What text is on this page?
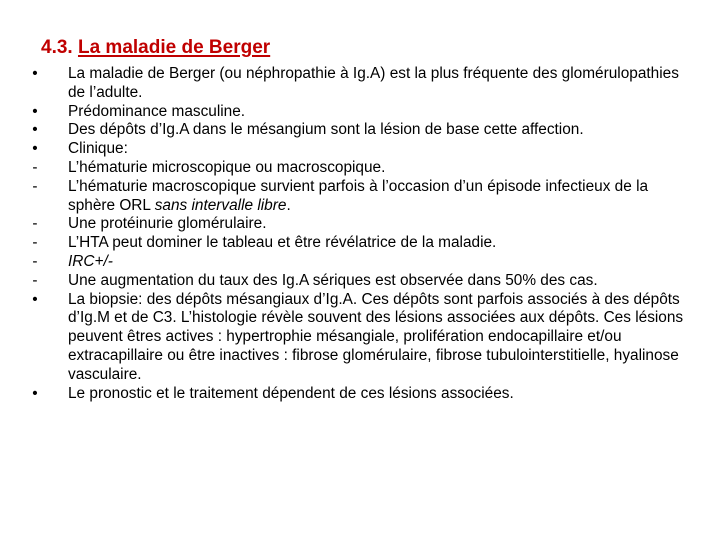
4.3. La maladie de Berger
• La maladie de Berger (ou néphropathie à Ig.A) est la plus fréquente des glomérulopathies de l’adulte.
• Prédominance masculine.
• Des dépôts d’Ig.A dans le mésangium sont la lésion de base cette affection.
• Clinique:
- L’hématurie microscopique ou macroscopique.
- L’hématurie macroscopique survient parfois à l’occasion d’un épisode infectieux de la sphère ORL sans intervalle libre.
- Une protéinurie glomérulaire.
- L’HTA peut dominer le tableau et être révélatrice de la maladie.
- IRC+/-
- Une augmentation du taux des Ig.A sériques est observée dans 50% des cas.
• La biopsie: des dépôts mésangiaux d’Ig.A. Ces dépôts sont parfois associés à des dépôts d’Ig.M et de C3. L’histologie révèle souvent des lésions associées aux dépôts. Ces lésions peuvent êtres actives : hypertrophie mésangiale, prolifération endocapillaire et/ou extracapillaire ou être inactives : fibrose glomérulaire, fibrose tubulointerstitielle, hyalinose vasculaire.
• Le pronostic et le traitement dépendent de ces lésions associées.
